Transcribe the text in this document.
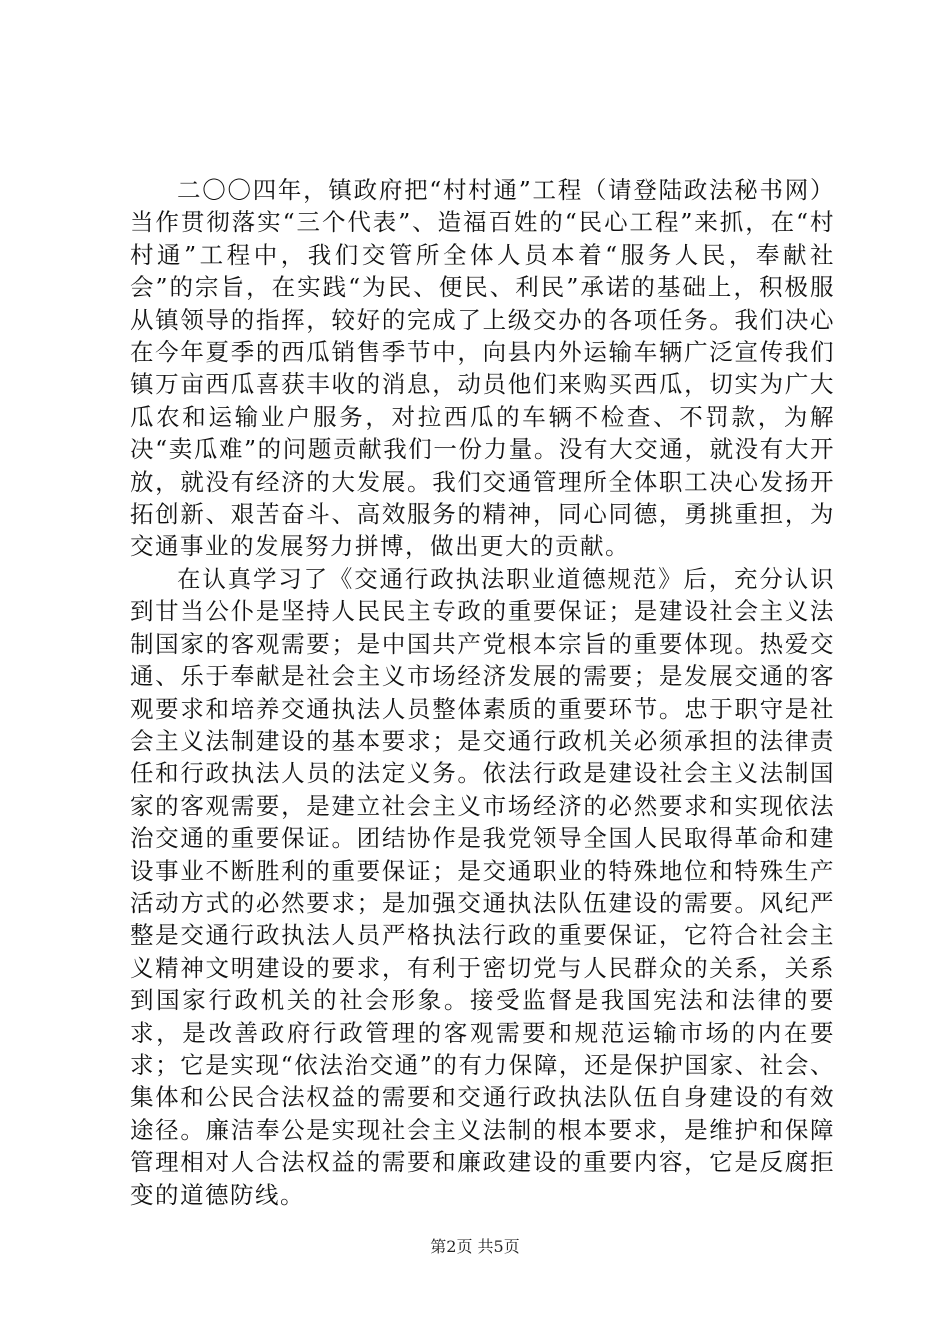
二〇〇四年，镇政府把“村村通”工程（请登陆政法秘书网）当作贯彻落实“三个代表”、造福百姓的“民心工程”来抓，在“村村通”工程中，我们交管所全体人员本着“服务人民，奉献社会”的宗旨，在实践“为民、便民、利民”承诺的基础上，积极服从镇领导的指挥，较好的完成了上级交办的各项任务。我们决心在今年夏季的西瓜销售季节中，向县内外运输车辆广泛宣传我们镇万亩西瓜喜获丰收的消息，动员他们来购买西瓜，切实为广大瓜农和运输业户服务，对拉西瓜的车辆不检查、不罚款，为解决“卖瓜难”的问题贡献我们一份力量。没有大交通，就没有大开放，就没有经济的大发展。我们交通管理所全体职工决心发扬开拓创新、艰苦奋斗、高效服务的精神，同心同德，勇挑重担，为交通事业的发展努力拼博，做出更大的贡献。

在认真学习了《交通行政执法职业道德规范》后，充分认识到甘当公仆是坚持人民民主专政的重要保证；是建设社会主义法制国家的客观需要；是中国共产党根本宗旨的重要体现。热爱交通、乐于奉献是社会主义市场经济发展的需要；是发展交通的客观要求和培养交通执法人员整体素质的重要环节。忠于职守是社会主义法制建设的基本要求；是交通行政机关必须承担的法律责任和行政执法人员的法定义务。依法行政是建设社会主义法制国家的客观需要，是建立社会主义市场经济的必然要求和实现依法治交通的重要保证。团结协作是我党领导全国人民取得革命和建设事业不断胜利的重要保证；是交通职业的特殊地位和特殊生产活动方式的必然要求；是加强交通执法队伍建设的需要。风纪严整是交通行政执法人员严格执法行政的重要保证，它符合社会主义精神文明建设的要求，有利于密切党与人民群众的关系，关系到国家行政机关的社会形象。接受监督是我国宪法和法律的要求，是改善政府行政管理的客观需要和规范运输市场的内在要求；它是实现“依法治交通”的有力保障，还是保护国家、社会、集体和公民合法权益的需要和交通行政执法队伍自身建设的有效途径。廉洁奉公是实现社会主义法制的根本要求，是维护和保障管理相对人合法权益的需要和廉政建设的重要内容，它是反腐拒变的道德防线。

第2页 共5页
